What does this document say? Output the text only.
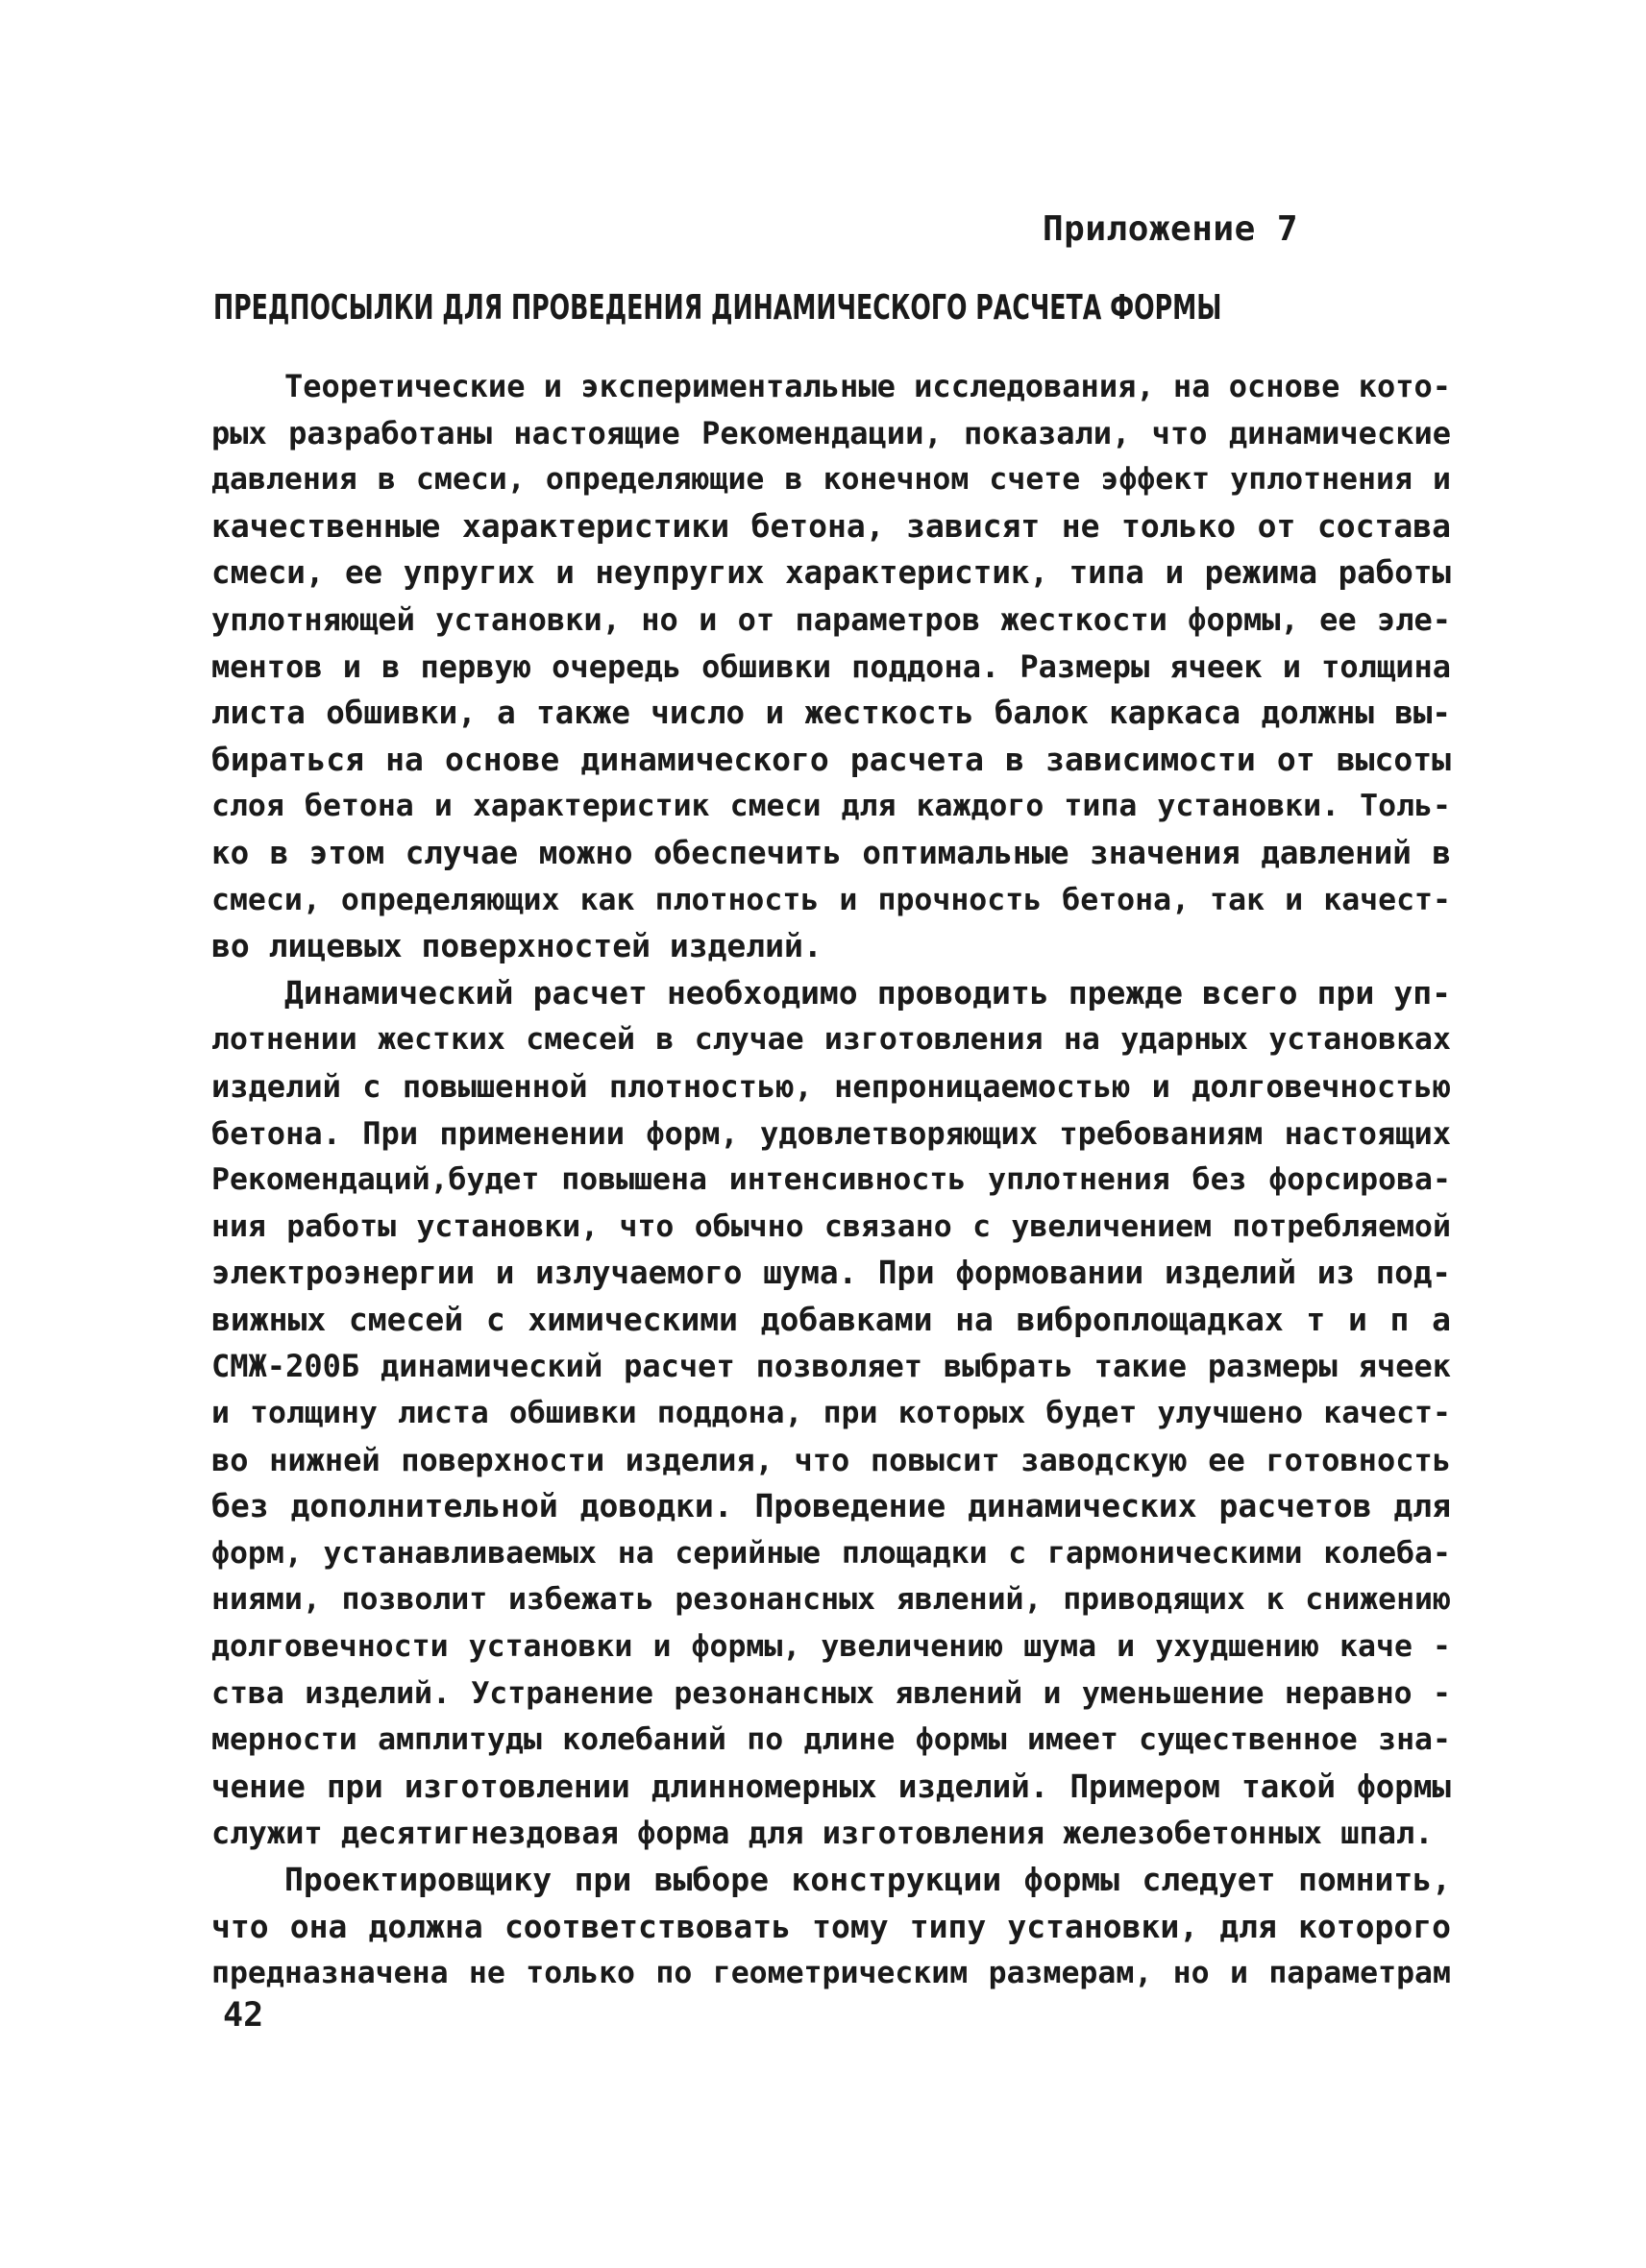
Приложение 7
ПРЕДПОСЫЛКИ ДЛЯ ПРОВЕДЕНИЯ ДИНАМИЧЕСКОГО РАСЧЕТА ФОРМЫ
Теоретические и экспериментальные исследования, на основе кото-
рых разработаны настоящие Рекомендации, показали, что динамические
давления в смеси, определяющие в конечном счете эффект уплотнения и
качественные характеристики бетона, зависят не только от состава
смеси, ее упругих и неупругих характеристик, типа и режима работы
уплотняющей установки, но и от параметров жесткости формы, ее эле-
ментов и в первую очередь обшивки поддона. Размеры ячеек и толщина
листа обшивки, а также число и жесткость балок каркаса должны вы-
бираться на основе динамического расчета в зависимости от высоты
слоя бетона и характеристик смеси для каждого типа установки. Толь-
ко в этом случае можно обеспечить оптимальные значения давлений в
смеси, определяющих как плотность и прочность бетона, так и качест-
во лицевых поверхностей изделий.
Динамический расчет необходимо проводить прежде всего при уп-
лотнении жестких смесей в случае изготовления на ударных установках
изделий с повышенной плотностью, непроницаемостью и долговечностью
бетона. При применении форм, удовлетворяющих требованиям настоящих
Рекомендаций,будет повышена интенсивность уплотнения без форсирова-
ния работы установки, что обычно связано с увеличением потребляемой
электроэнергии и излучаемого шума. При формовании изделий из под-
вижных смесей с химическими добавками на виброплощадках т и п а
СМЖ-200Б динамический расчет позволяет выбрать такие размеры ячеек
и толщину листа обшивки поддона, при которых будет улучшено качест-
во нижней поверхности изделия, что повысит заводскую ее готовность
без дополнительной доводки. Проведение динамических расчетов для
форм, устанавливаемых на серийные площадки с гармоническими колеба-
ниями, позволит избежать резонансных явлений, приводящих к снижению
долговечности установки и формы, увеличению шума и ухудшению каче -
ства изделий. Устранение резонансных явлений и уменьшение неравно -
мерности амплитуды колебаний по длине формы имеет существенное зна-
чение при изготовлении длинномерных изделий. Примером такой формы
служит десятигнездовая форма для изготовления железобетонных шпал.
Проектировщику при выборе конструкции формы следует помнить,
что она должна соответствовать тому типу установки, для которого
предназначена не только по геометрическим размерам, но и параметрам
42
